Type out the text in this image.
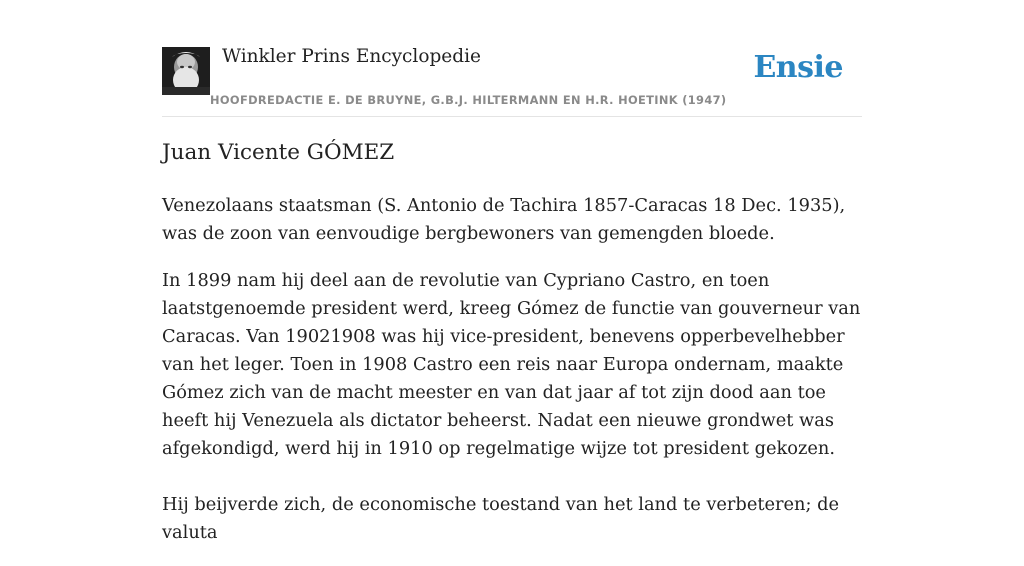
Winkler Prins Encyclopedie
HOOFDREDACTIE E. DE BRUYNE, G.B.J. HILTERMANN EN H.R. HOETINK (1947)
Ensie
Juan Vicente GÓMEZ

Venezolaans staatsman (S. Antonio de Tachira 1857-Caracas 18 Dec. 1935), was de zoon van eenvoudige bergbewoners van gemengden bloede.

In 1899 nam hij deel aan de revolutie van Cypriano Castro, en toen laatstgenoemde president werd, kreeg Gómez de functie van gouverneur van Caracas. Van 19021908 was hij vice-president, benevens opperbevelhebber van het leger. Toen in 1908 Castro een reis naar Europa ondernam, maakte Gómez zich van de macht meester en van dat jaar af tot zijn dood aan toe heeft hij Venezuela als dictator beheerst. Nadat een nieuwe grondwet was afgekondigd, werd hij in 1910 op regelmatige wijze tot president gekozen.

Hij beijverde zich, de economische toestand van het land te verbeteren; de valuta
